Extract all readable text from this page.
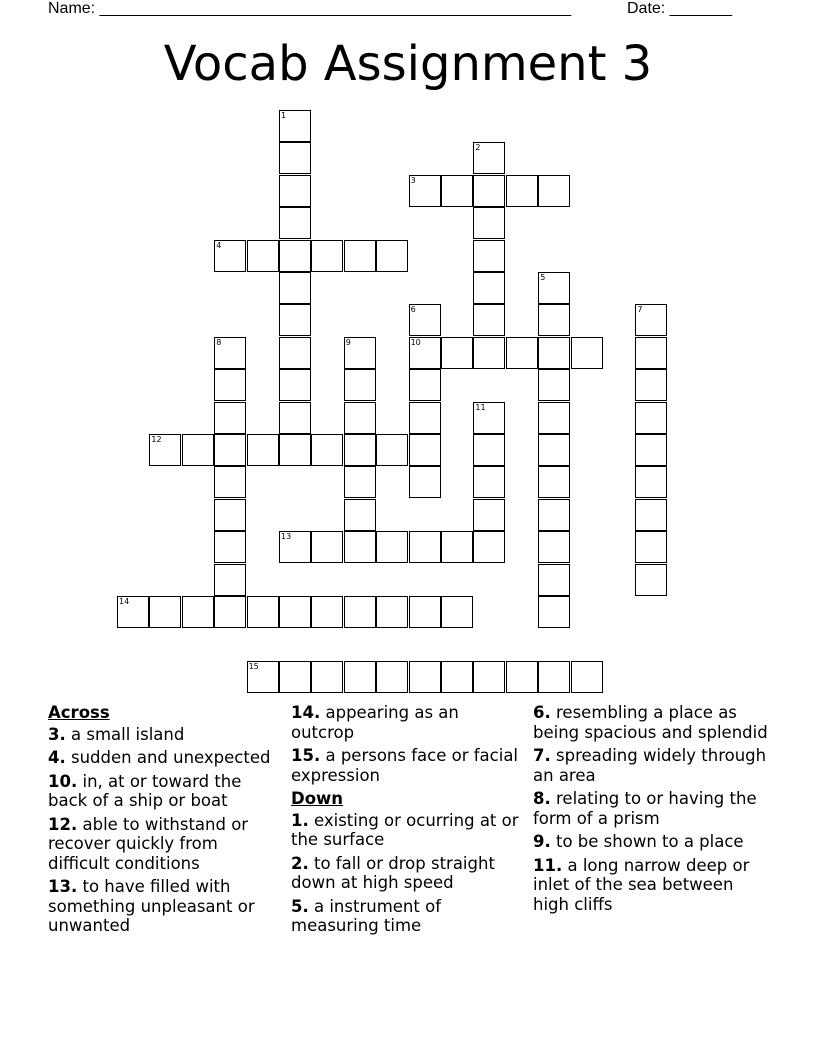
Name: _____________________________________________________	Date: _______
Vocab Assignment 3
1
2
3
4
5
6
10
7
8	9
11
12
13
14
15
Across
3. a small island
4. sudden and unexpected
10. in, at or toward the back of a ship or boat
12. able to withstand or recover quickly from difficult conditions
13. to have filled with something unpleasant or unwanted
14. appearing as an outcrop
15. a persons face or facial expression
Down
1. existing or ocurring at or the surface
2. to fall or drop straight down at high speed
5. a instrument of measuring time
6. resembling a place as being spacious and splendid
7. spreading widely through an area
8. relating to or having the form of a prism
9. to be shown to a place
11. a long narrow deep or inlet of the sea between high cliffs
